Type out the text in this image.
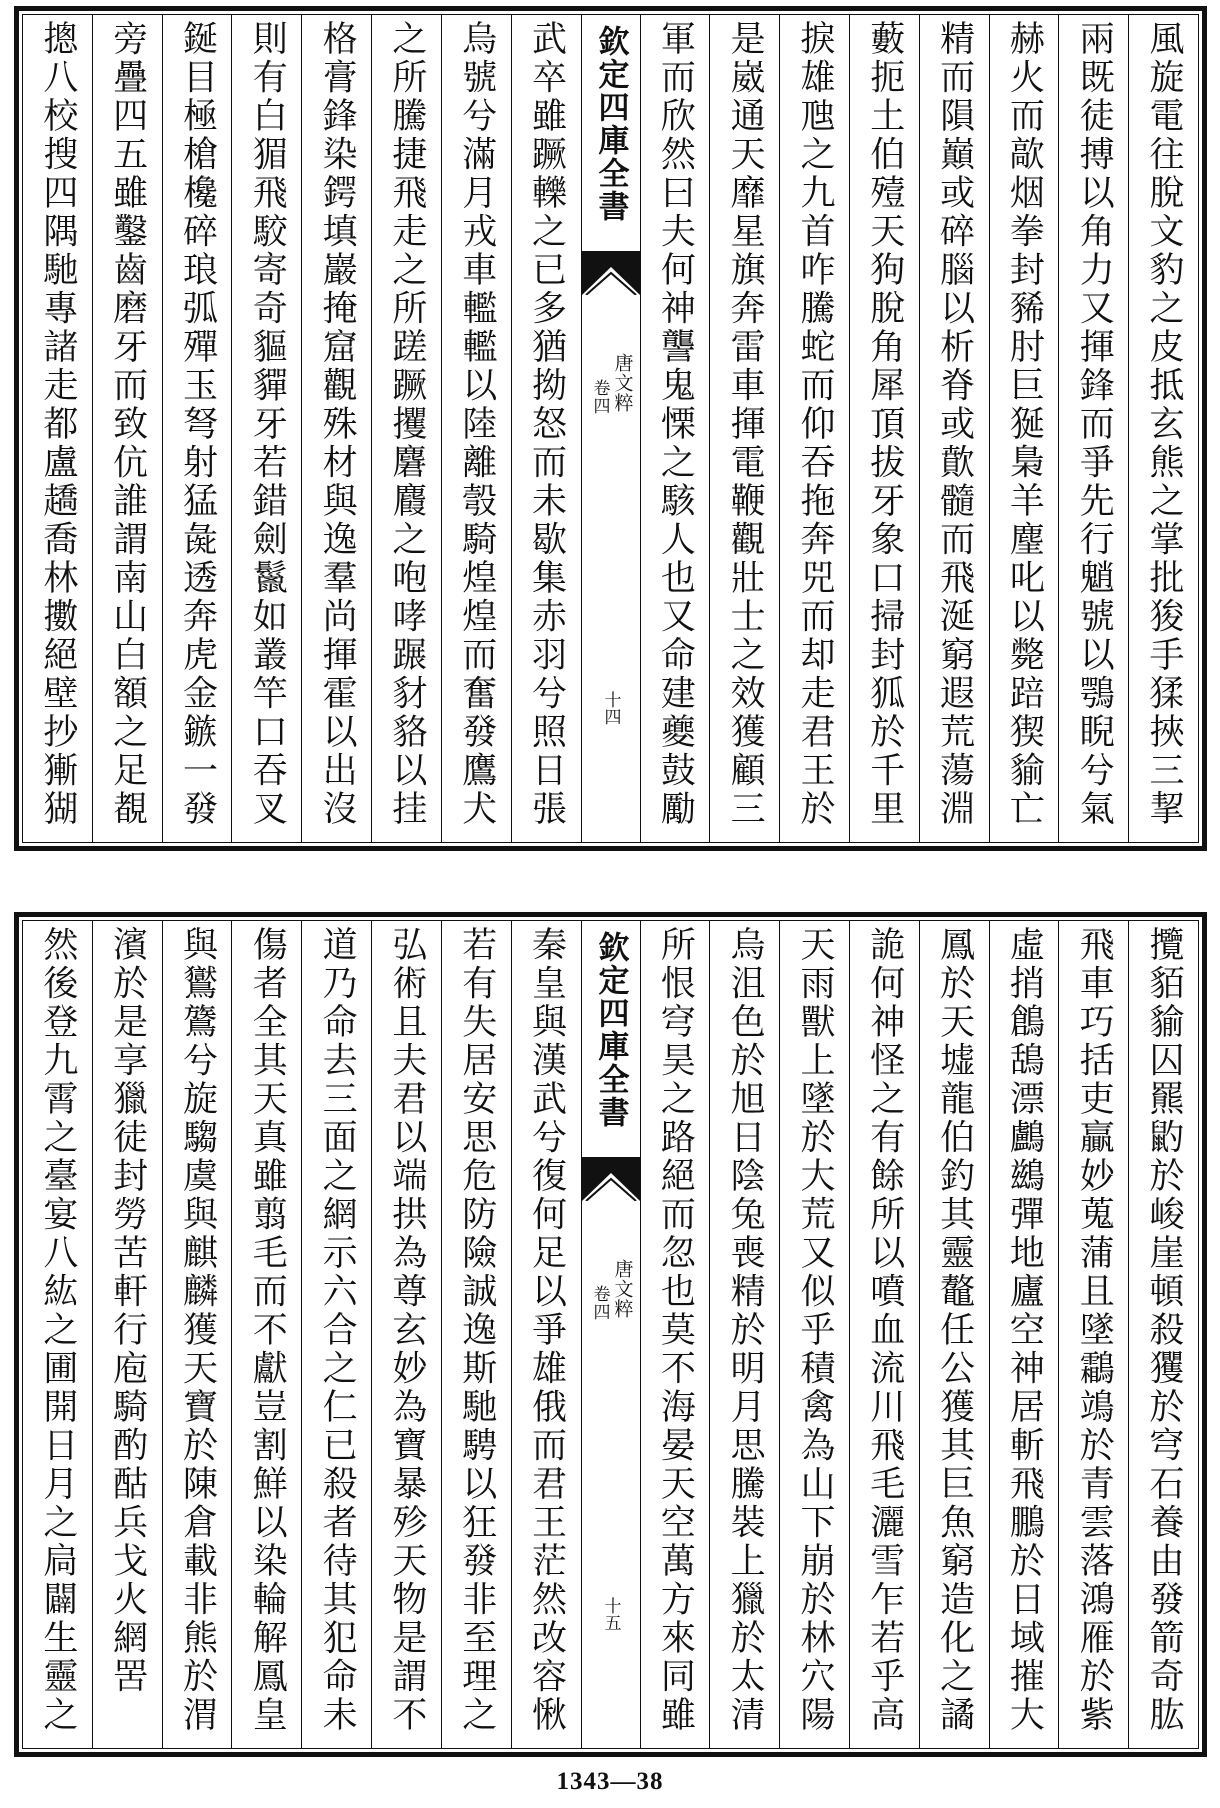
風旋電往脫文豹之皮抵玄熊之掌批狻手猱挾三挈
兩既徒搏以角力又揮鋒而爭先行魈號以鶚睨兮氣
赫火而歊烟拳封豨肘巨狿梟羊麈叱以斃踣猰貐亡
精而隕巔或碎腦以析脊或歕髓而飛涎窮遐荒蕩淵
藪扼土伯殪天狗脫角犀頂拔牙象口掃封狐於千里
捩雄虺之九首咋騰蛇而仰吞拖奔兕而却走君王於
是崴通天靡星旗奔雷車揮電鞭觀壯士之效獲顧三
軍而欣然曰夫何神讋鬼慄之駭人也又命建夔鼓勵
欽定四庫全書
唐文粹
卷四
十四
武卒雖蹶轢之已多猶拗怒而未歇集赤羽兮照日張
烏號兮滿月戎車轞轞以陸離彀騎煌煌而奮發鷹犬
之所騰捷飛走之所蹉蹶攫麏麚之咆哮蹍豺貉以挂
格膏鋒染鍔填巖掩窟觀殊材與逸羣尚揮霍以出沒
則有白猸飛駮寄奇貙貚牙若錯劍鬣如叢竿口吞叉
鋋目極槍欃碎琅弧殫玉弩射猛彘透奔虎金鏃一發
旁疊四五雖鑿齒磨牙而致伉誰謂南山白額之足覩
摠八校搜四隅馳專諸走都盧趫喬林擻絕壁抄獑猢
攬貊貐囚羆䶂於峻崖頓殺玃於穹石養由發箭奇肱
飛車巧括吏贏妙蒐蒲且墜鸘鴗於青雲落鴻雁於紫
虛捎鶬鴰漂鸕鷀彈地廬空神居斬飛鵬於日域摧大
鳳於天墟龍伯釣其靈鼇任公獲其巨魚窮造化之譎
詭何神怪之有餘所以噴血流川飛毛灑雪乍若乎高
天雨獸上墜於大荒又似乎積禽為山下崩於林穴陽
烏沮色於旭日陰兔喪精於明月思騰裝上獵於太清
所恨穹昊之路絕而忽也莫不海晏天空萬方來同雖
欽定四庫全書
唐文粹
卷四
十五
秦皇與漢武兮復何足以爭雄俄而君王茫然改容愀
若有失居安思危防險誠逸斯馳騁以狂發非至理之
弘術且夫君以端拱為尊玄妙為寶暴殄天物是謂不
道乃命去三面之網示六合之仁已殺者待其犯命未
傷者全其天真雖翦毛而不獻豈割鮮以染輪解鳳皇
與鸑鷟兮旋騶虞與麒麟獲天寶於陳倉載非熊於渭
濱於是享獵徒封勞苦軒行庖騎酌酤兵戈火網罟
然後登九霄之臺宴八紘之圃開日月之扃闢生靈之
1343—38
